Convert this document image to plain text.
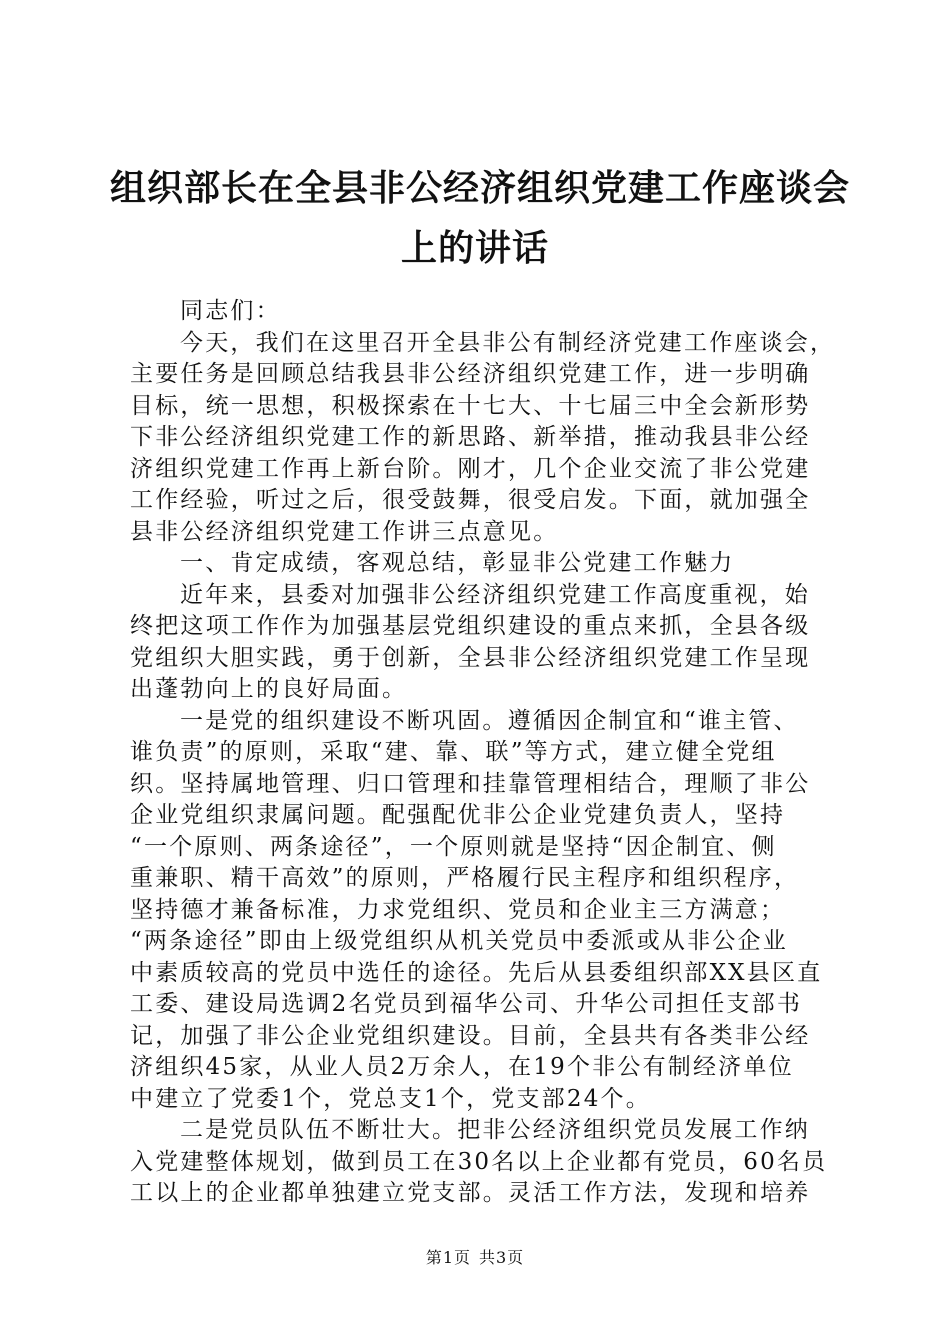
组织部长在全县非公经济组织党建工作座谈会
上的讲话
同志们：
今天，我们在这里召开全县非公有制经济党建工作座谈会，
主要任务是回顾总结我县非公经济组织党建工作，进一步明确
目标，统一思想，积极探索在十七大、十七届三中全会新形势
下非公经济组织党建工作的新思路、新举措，推动我县非公经
济组织党建工作再上新台阶。刚才，几个企业交流了非公党建
工作经验，听过之后，很受鼓舞，很受启发。下面，就加强全
县非公经济组织党建工作讲三点意见。
一、肯定成绩，客观总结，彰显非公党建工作魅力
近年来，县委对加强非公经济组织党建工作高度重视，始
终把这项工作作为加强基层党组织建设的重点来抓，全县各级
党组织大胆实践，勇于创新，全县非公经济组织党建工作呈现
出蓬勃向上的良好局面。
一是党的组织建设不断巩固。遵循因企制宜和“谁主管、
谁负责”的原则，采取“建、靠、联”等方式，建立健全党组
织。坚持属地管理、归口管理和挂靠管理相结合，理顺了非公
企业党组织隶属问题。配强配优非公企业党建负责人，坚持
“一个原则、两条途径”，一个原则就是坚持“因企制宜、侧
重兼职、精干高效”的原则，严格履行民主程序和组织程序，
坚持德才兼备标准，力求党组织、党员和企业主三方满意；
“两条途径”即由上级党组织从机关党员中委派或从非公企业
中素质较高的党员中选任的途径。先后从县委组织部XX县区直
工委、建设局选调2名党员到福华公司、升华公司担任支部书
记，加强了非公企业党组织建设。目前，全县共有各类非公经
济组织45家，从业人员2万余人，在19个非公有制经济单位
中建立了党委1个，党总支1个，党支部24个。
二是党员队伍不断壮大。把非公经济组织党员发展工作纳
入党建整体规划，做到员工在30名以上企业都有党员，60名员
工以上的企业都单独建立党支部。灵活工作方法，发现和培养
第1页 共3页
